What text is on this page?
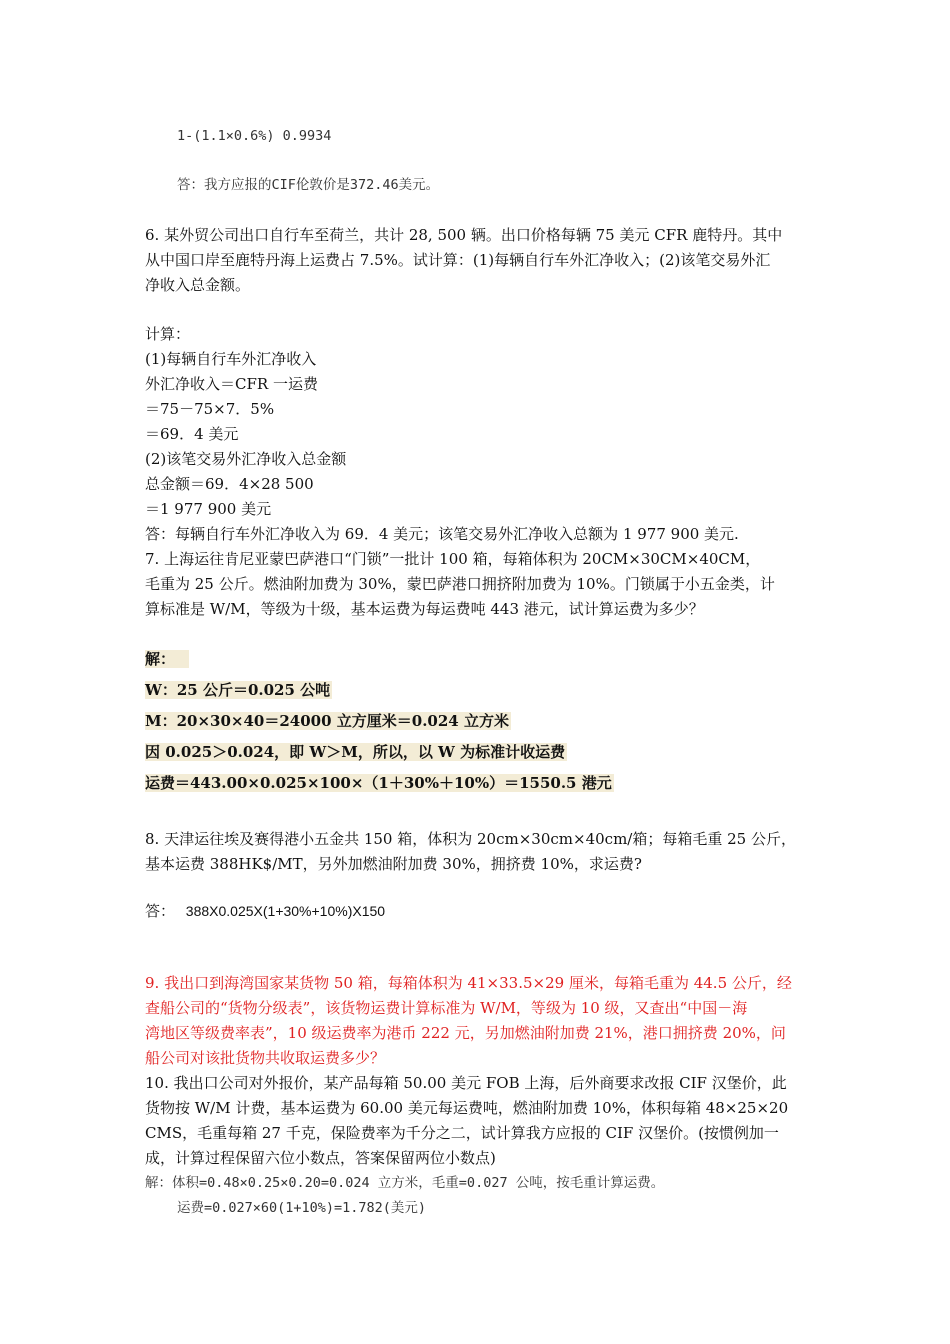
1-(1.1×0.6%) 0.9934
答：我方应报的CIF伦敦价是372.46美元。
6. 某外贸公司出口自行车至荷兰，共计 28, 500 辆。出口价格每辆 75 美元 CFR 鹿特丹。其中
从中国口岸至鹿特丹海上运费占 7.5%。试计算：(1)每辆自行车外汇净收入；(2)该笔交易外汇
净收入总金额。
计算：
(1)每辆自行车外汇净收入
外汇净收入＝CFR 一运费
＝75－75×7．5%
＝69．4 美元
(2)该笔交易外汇净收入总金额
总金额＝69．4×28 500
＝1 977 900 美元
答：每辆自行车外汇净收入为 69．4 美元；该笔交易外汇净收入总额为 1 977 900 美元.
7. 上海运往肯尼亚蒙巴萨港口“门锁”一批计 100 箱，每箱体积为 20CM×30CM×40CM，
毛重为 25 公斤。燃油附加费为 30%，蒙巴萨港口拥挤附加费为 10%。门锁属于小五金类，计
算标准是 W/M，等级为十级，基本运费为每运费吨 443 港元，试计算运费为多少？
解：
W：25 公斤＝0.025 公吨
M：20×30×40＝24000 立方厘米＝0.024 立方米
因 0.025＞0.024，即 W＞M，所以，以 W 为标准计收运费
运费＝443.00×0.025×100×（1＋30%＋10%）＝1550.5 港元
8. 天津运往埃及赛得港小五金共 150 箱，体积为 20cm×30cm×40cm/箱；每箱毛重 25 公斤，
基本运费 388HK$/MT，另外加燃油附加费 30%，拥挤费 10%，求运费?
答： 388X0.025X(1+30%+10%)X150
9. 我出口到海湾国家某货物 50 箱，每箱体积为 41×33.5×29 厘米，每箱毛重为 44.5 公斤，经
查船公司的“货物分级表”，该货物运费计算标准为 W/M，等级为 10 级，又查出“中国－海
湾地区等级费率表”，10 级运费率为港币 222 元，另加燃油附加费 21%，港口拥挤费 20%，问
船公司对该批货物共收取运费多少？
10. 我出口公司对外报价，某产品每箱 50.00 美元 FOB 上海，后外商要求改报 CIF 汉堡价，此
货物按 W/M 计费，基本运费为 60.00 美元每运费吨，燃油附加费 10%，体积每箱 48×25×20
CMS，毛重每箱 27 千克，保险费率为千分之二，试计算我方应报的 CIF 汉堡价。(按惯例加一
成，计算过程保留六位小数点，答案保留两位小数点)
解：体积=0.48×0.25×0.20=0.024 立方米，毛重=0.027 公吨，按毛重计算运费。
运费=0.027×60(1+10%)=1.782(美元)
